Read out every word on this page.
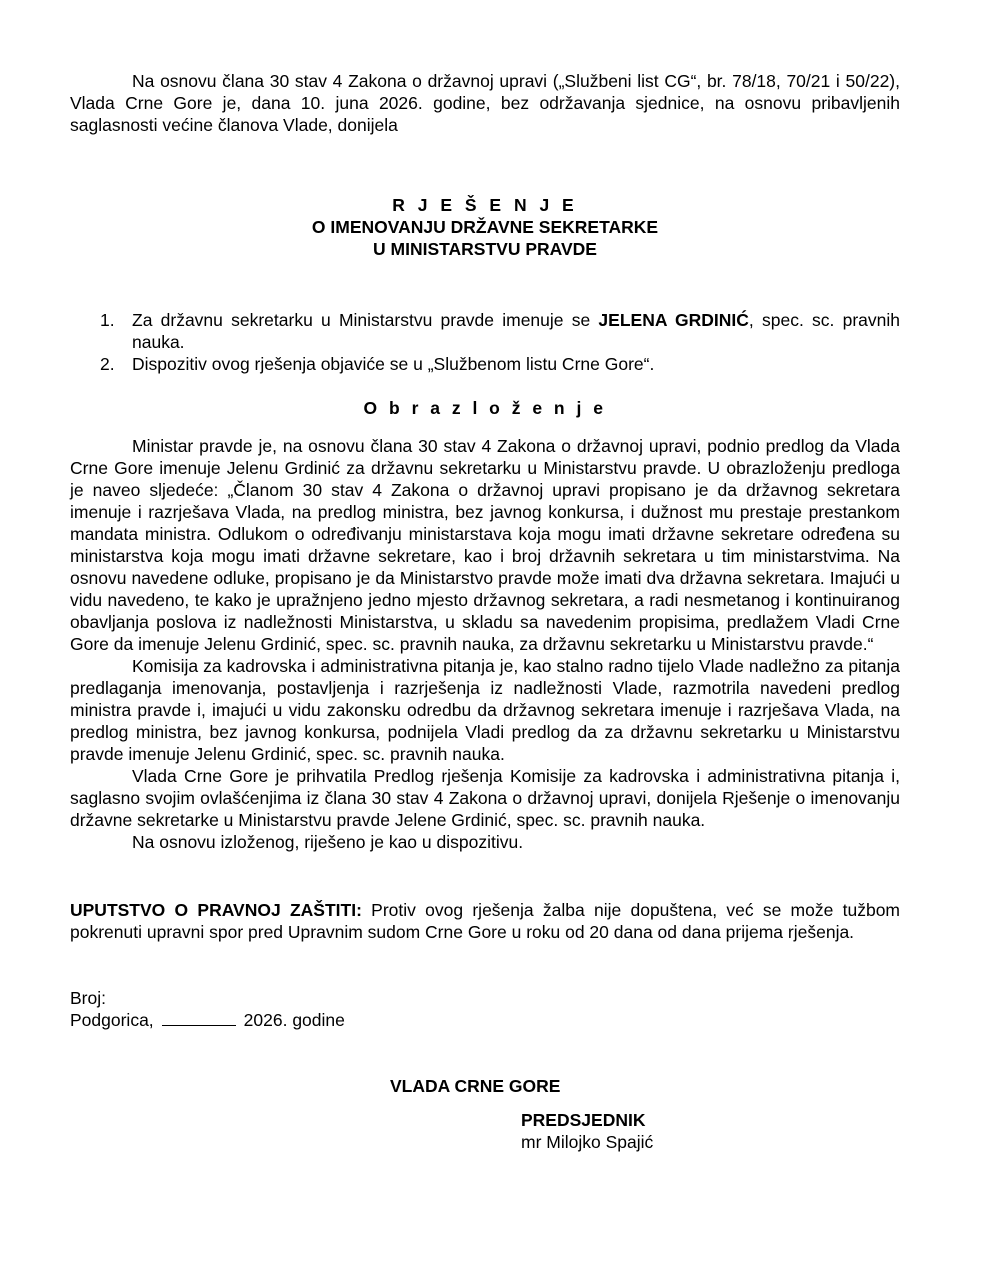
Na osnovu člana 30 stav 4 Zakona o državnoj upravi („Službeni list CG“, br. 78/18, 70/21 i 50/22), Vlada Crne Gore je, dana 10. juna 2026. godine, bez održavanja sjednice, na osnovu pribavljenih saglasnosti većine članova Vlade, donijela

R J E Š E N J E
O IMENOVANJU DRŽAVNE SEKRETARKE
U MINISTARSTVU PRAVDE
1. Za državnu sekretarku u Ministarstvu pravde imenuje se JELENA GRDINIĆ, spec. sc. pravnih nauka.
2. Dispozitiv ovog rješenja objaviće se u „Službenom listu Crne Gore“.
O b r a z l o ž e n j e

Ministar pravde je, na osnovu člana 30 stav 4 Zakona o državnoj upravi, podnio predlog da Vlada Crne Gore imenuje Jelenu Grdinić za državnu sekretarku u Ministarstvu pravde. U obrazloženju predloga je naveo sljedeće: „Članom 30 stav 4 Zakona o državnoj upravi propisano je da državnog sekretara imenuje i razrješava Vlada, na predlog ministra, bez javnog konkursa, i dužnost mu prestaje prestankom mandata ministra. Odlukom o određivanju ministarstava koja mogu imati državne sekretare određena su ministarstva koja mogu imati državne sekretare, kao i broj državnih sekretara u tim ministarstvima. Na osnovu navedene odluke, propisano je da Ministarstvo pravde može imati dva državna sekretara. Imajući u vidu navedeno, te kako je upražnjeno jedno mjesto državnog sekretara, a radi nesmetanog i kontinuiranog obavljanja poslova iz nadležnosti Ministarstva, u skladu sa navedenim propisima, predlažem Vladi Crne Gore da imenuje Jelenu Grdinić, spec. sc. pravnih nauka, za državnu sekretarku u Ministarstvu pravde.“

Komisija za kadrovska i administrativna pitanja je, kao stalno radno tijelo Vlade nadležno za pitanja predlaganja imenovanja, postavljenja i razrješenja iz nadležnosti Vlade, razmotrila navedeni predlog ministra pravde i, imajući u vidu zakonsku odredbu da državnog sekretara imenuje i razrješava Vlada, na predlog ministra, bez javnog konkursa, podnijela Vladi predlog da za državnu sekretarku u Ministarstvu pravde imenuje Jelenu Grdinić, spec. sc. pravnih nauka.

Vlada Crne Gore je prihvatila Predlog rješenja Komisije za kadrovska i administrativna pitanja i, saglasno svojim ovlašćenjima iz člana 30 stav 4 Zakona o državnoj upravi, donijela Rješenje o imenovanju državne sekretarke u Ministarstvu pravde Jelene Grdinić, spec. sc. pravnih nauka.

Na osnovu izloženog, riješeno je kao u dispozitivu.

UPUTSTVO O PRAVNOJ ZAŠTITI: Protiv ovog rješenja žalba nije dopuštena, već se može tužbom pokrenuti upravni spor pred Upravnim sudom Crne Gore u roku od 20 dana od dana prijema rješenja.

Broj:
Podgorica,	2026. godine
VLADA CRNE GORE
PREDSJEDNIK
mr Milojko Spajić
